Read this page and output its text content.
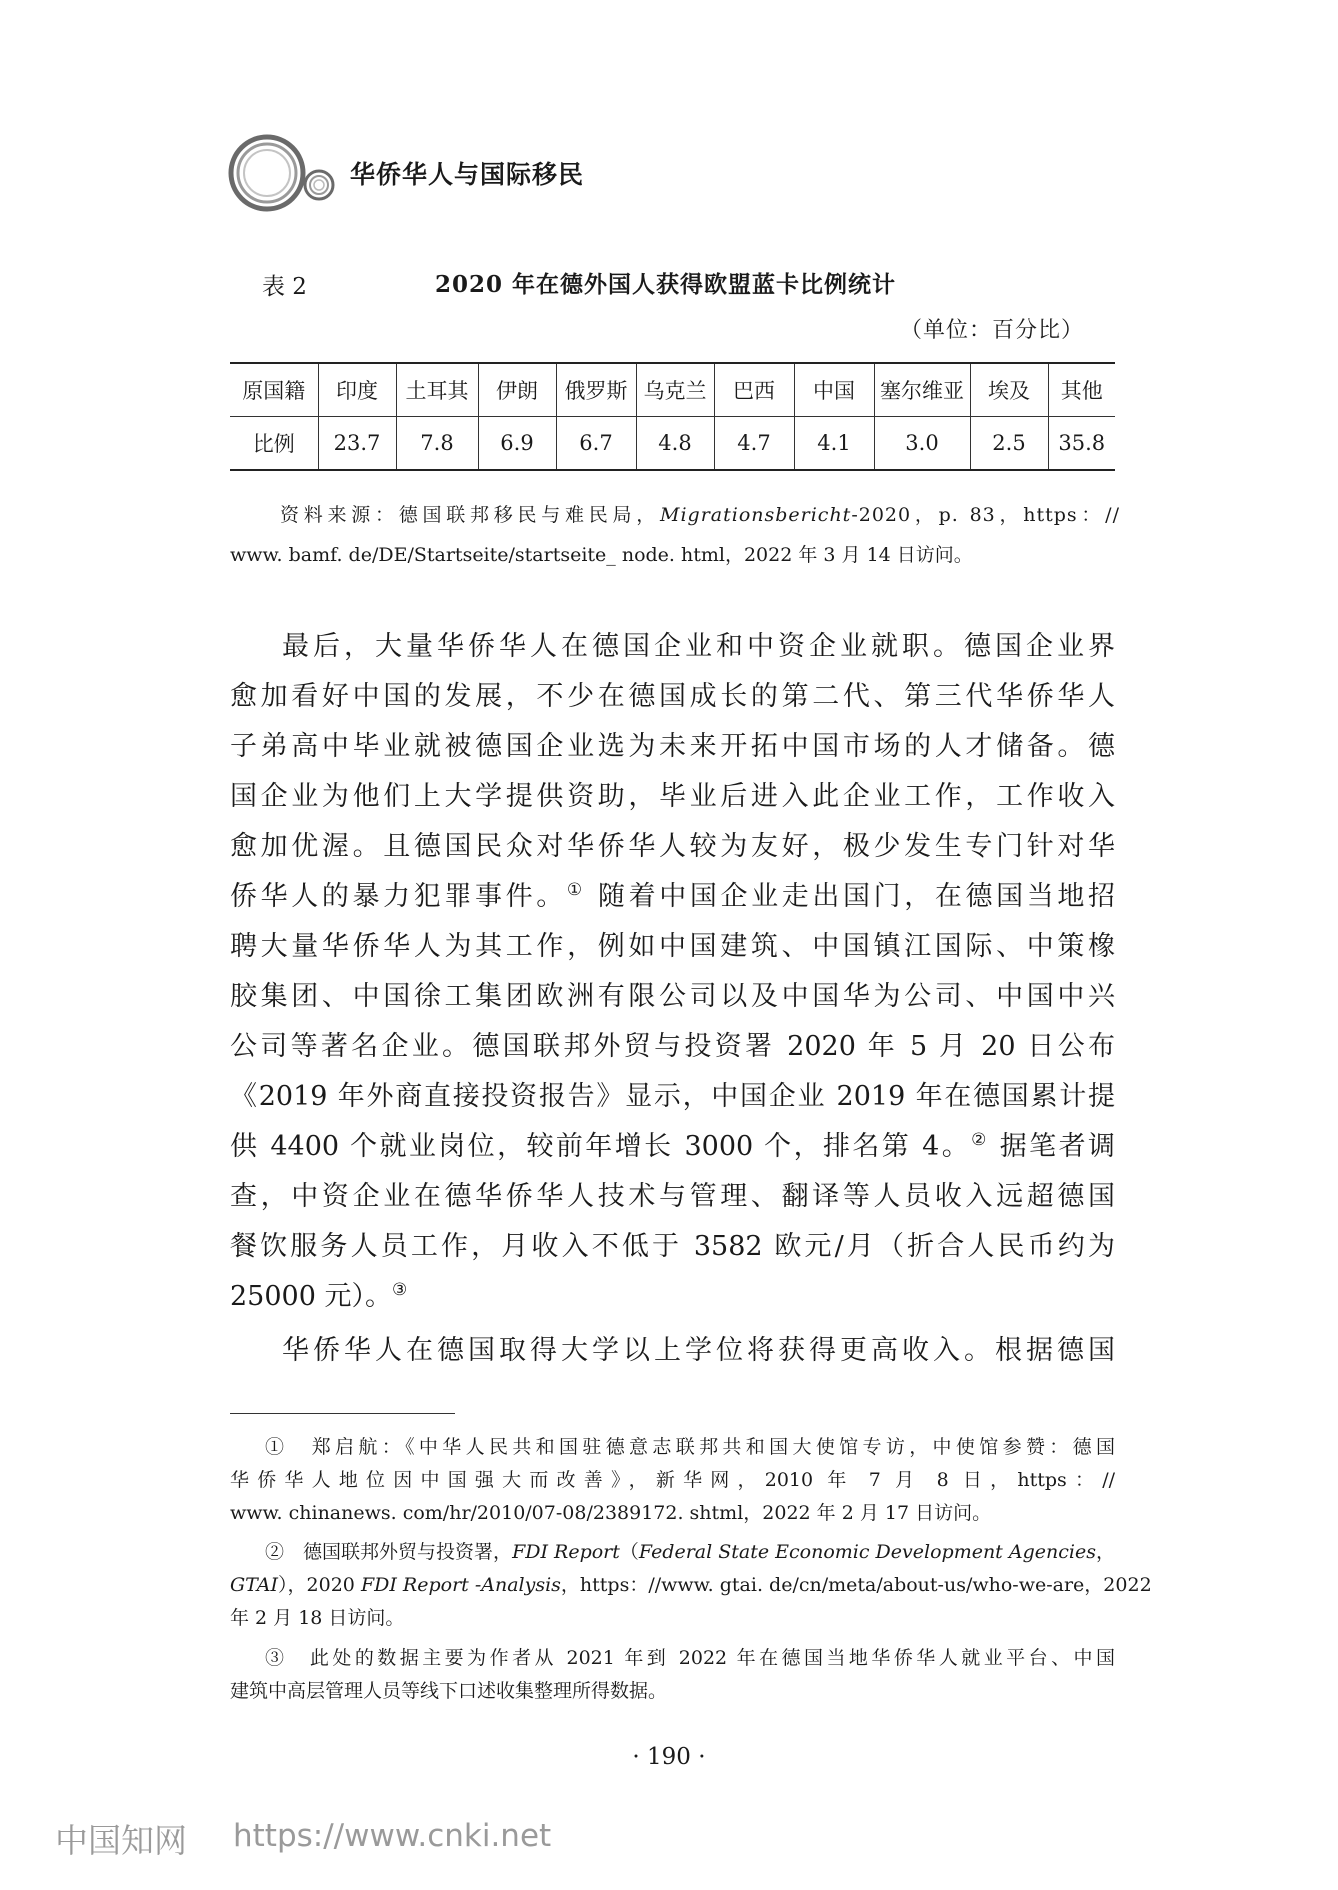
华侨华人与国际移民
表 2	2020 年在德外国人获得欧盟蓝卡比例统计
（单位：百分比）
原国籍	印度	土耳其	伊朗	俄罗斯	乌克兰	巴西	中国	塞尔维亚	埃及	其他
比例	23.7	7.8	6.9	6.7	4.8	4.7	4.1	3.0	2.5	35.8
资料来源：德国联邦移民与难民局，Migrationsbericht-2020，p. 83，https：//
www. bamf. de/DE/Startseite/startseite_ node. html，2022 年 3 月 14 日访问。
最后，大量华侨华人在德国企业和中资企业就职。德国企业界
愈加看好中国的发展，不少在德国成长的第二代、第三代华侨华人
子弟高中毕业就被德国企业选为未来开拓中国市场的人才储备。德
国企业为他们上大学提供资助，毕业后进入此企业工作，工作收入
愈加优渥。且德国民众对华侨华人较为友好，极少发生专门针对华
侨华人的暴力犯罪事件。① 随着中国企业走出国门，在德国当地招
聘大量华侨华人为其工作，例如中国建筑、中国镇江国际、中策橡
胶集团、中国徐工集团欧洲有限公司以及中国华为公司、中国中兴
公司等著名企业。德国联邦外贸与投资署 2020 年 5 月 20 日公布
《2019 年外商直接投资报告》显示，中国企业 2019 年在德国累计提
供 4400 个就业岗位，较前年增长 3000 个，排名第 4。② 据笔者调
查，中资企业在德华侨华人技术与管理、翻译等人员收入远超德国
餐饮服务人员工作，月收入不低于 3582 欧元/月（折合人民币约为
25000 元）。③
华侨华人在德国取得大学以上学位将获得更高收入。根据德国
①　郑启航：《中华人民共和国驻德意志联邦共和国大使馆专访，中使馆参赞：德国
华侨华人地位因中国强大而改善》，新华网，2010 年 7 月 8 日，https：//
www. chinanews. com/hr/2010/07-08/2389172. shtml，2022 年 2 月 17 日访问。
②　德国联邦外贸与投资署，FDI Report（Federal State Economic Development Agencies，
GTAI），2020 FDI Report -Analysis，https：//www. gtai. de/cn/meta/about-us/who-we-are，2022
年 2 月 18 日访问。
③　此处的数据主要为作者从 2021 年到 2022 年在德国当地华侨华人就业平台、中国
建筑中高层管理人员等线下口述收集整理所得数据。
· 190 ·
中国知网 https://www.cnki.net
